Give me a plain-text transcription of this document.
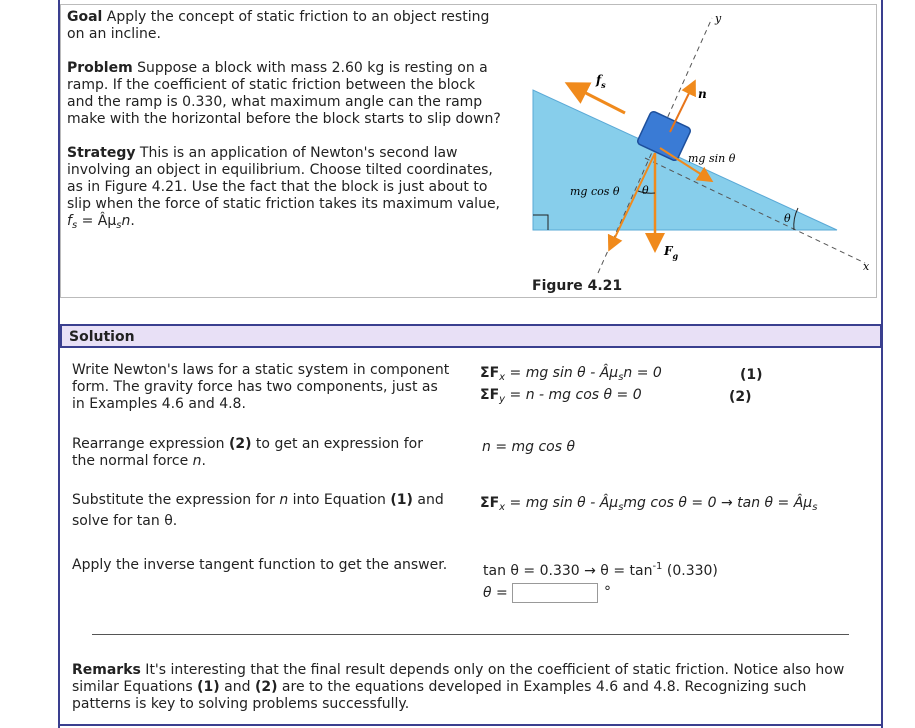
Goal Apply the concept of static friction to an object resting

on an incline.

Problem Suppose a block with mass 2.60 kg is resting on a

ramp. If the coefficient of static friction between the block

and the ramp is 0.330, what maximum angle can the ramp

make with the horizontal before the block starts to slip down?

Strategy This is an application of Newton's second law

involving an object in equilibrium. Choose tilted coordinates,

as in Figure 4.21. Use the fact that the block is just about to

slip when the force of static friction takes its maximum value,

$f_s$ = $Â\mu_sn$.

y
x
$f_s$
n
mg sin θ
mg cos θ
$F_g$
θ
θ
Figure 4.21
Solution

Write Newton's laws for a static system in component

form. The gravity force has two components, just as

in Examples 4.6 and 4.8.

$\Sigma F_x$ = mg $\sin \theta - Â\mu_sn = 0$	(1)
$\Sigma F_y = n$ - mg cos θ = 0	(2)

Rearrange expression (2) to get an expression for

the normal force n.

n = mg cos θ

Substitute the expression for n into Equation (1) and

solve for tan θ.

$\Sigma F_x$ = mg sin θ - $Â\mu_smg$ $\cos \theta = 0 \to \tan \theta = Â\mu_s$

Apply the inverse tangent function to get the answer.	$\tan \theta = 0.330 \to \theta = \tan^{-1} (0.330)$
θ =	°

Remarks It's interesting that the final result depends only on the coefficient of static friction. Notice also how

similar Equations (1) and (2) are to the equations developed in Examples 4.6 and 4.8. Recognizing such

patterns is key to solving problems successfully.
